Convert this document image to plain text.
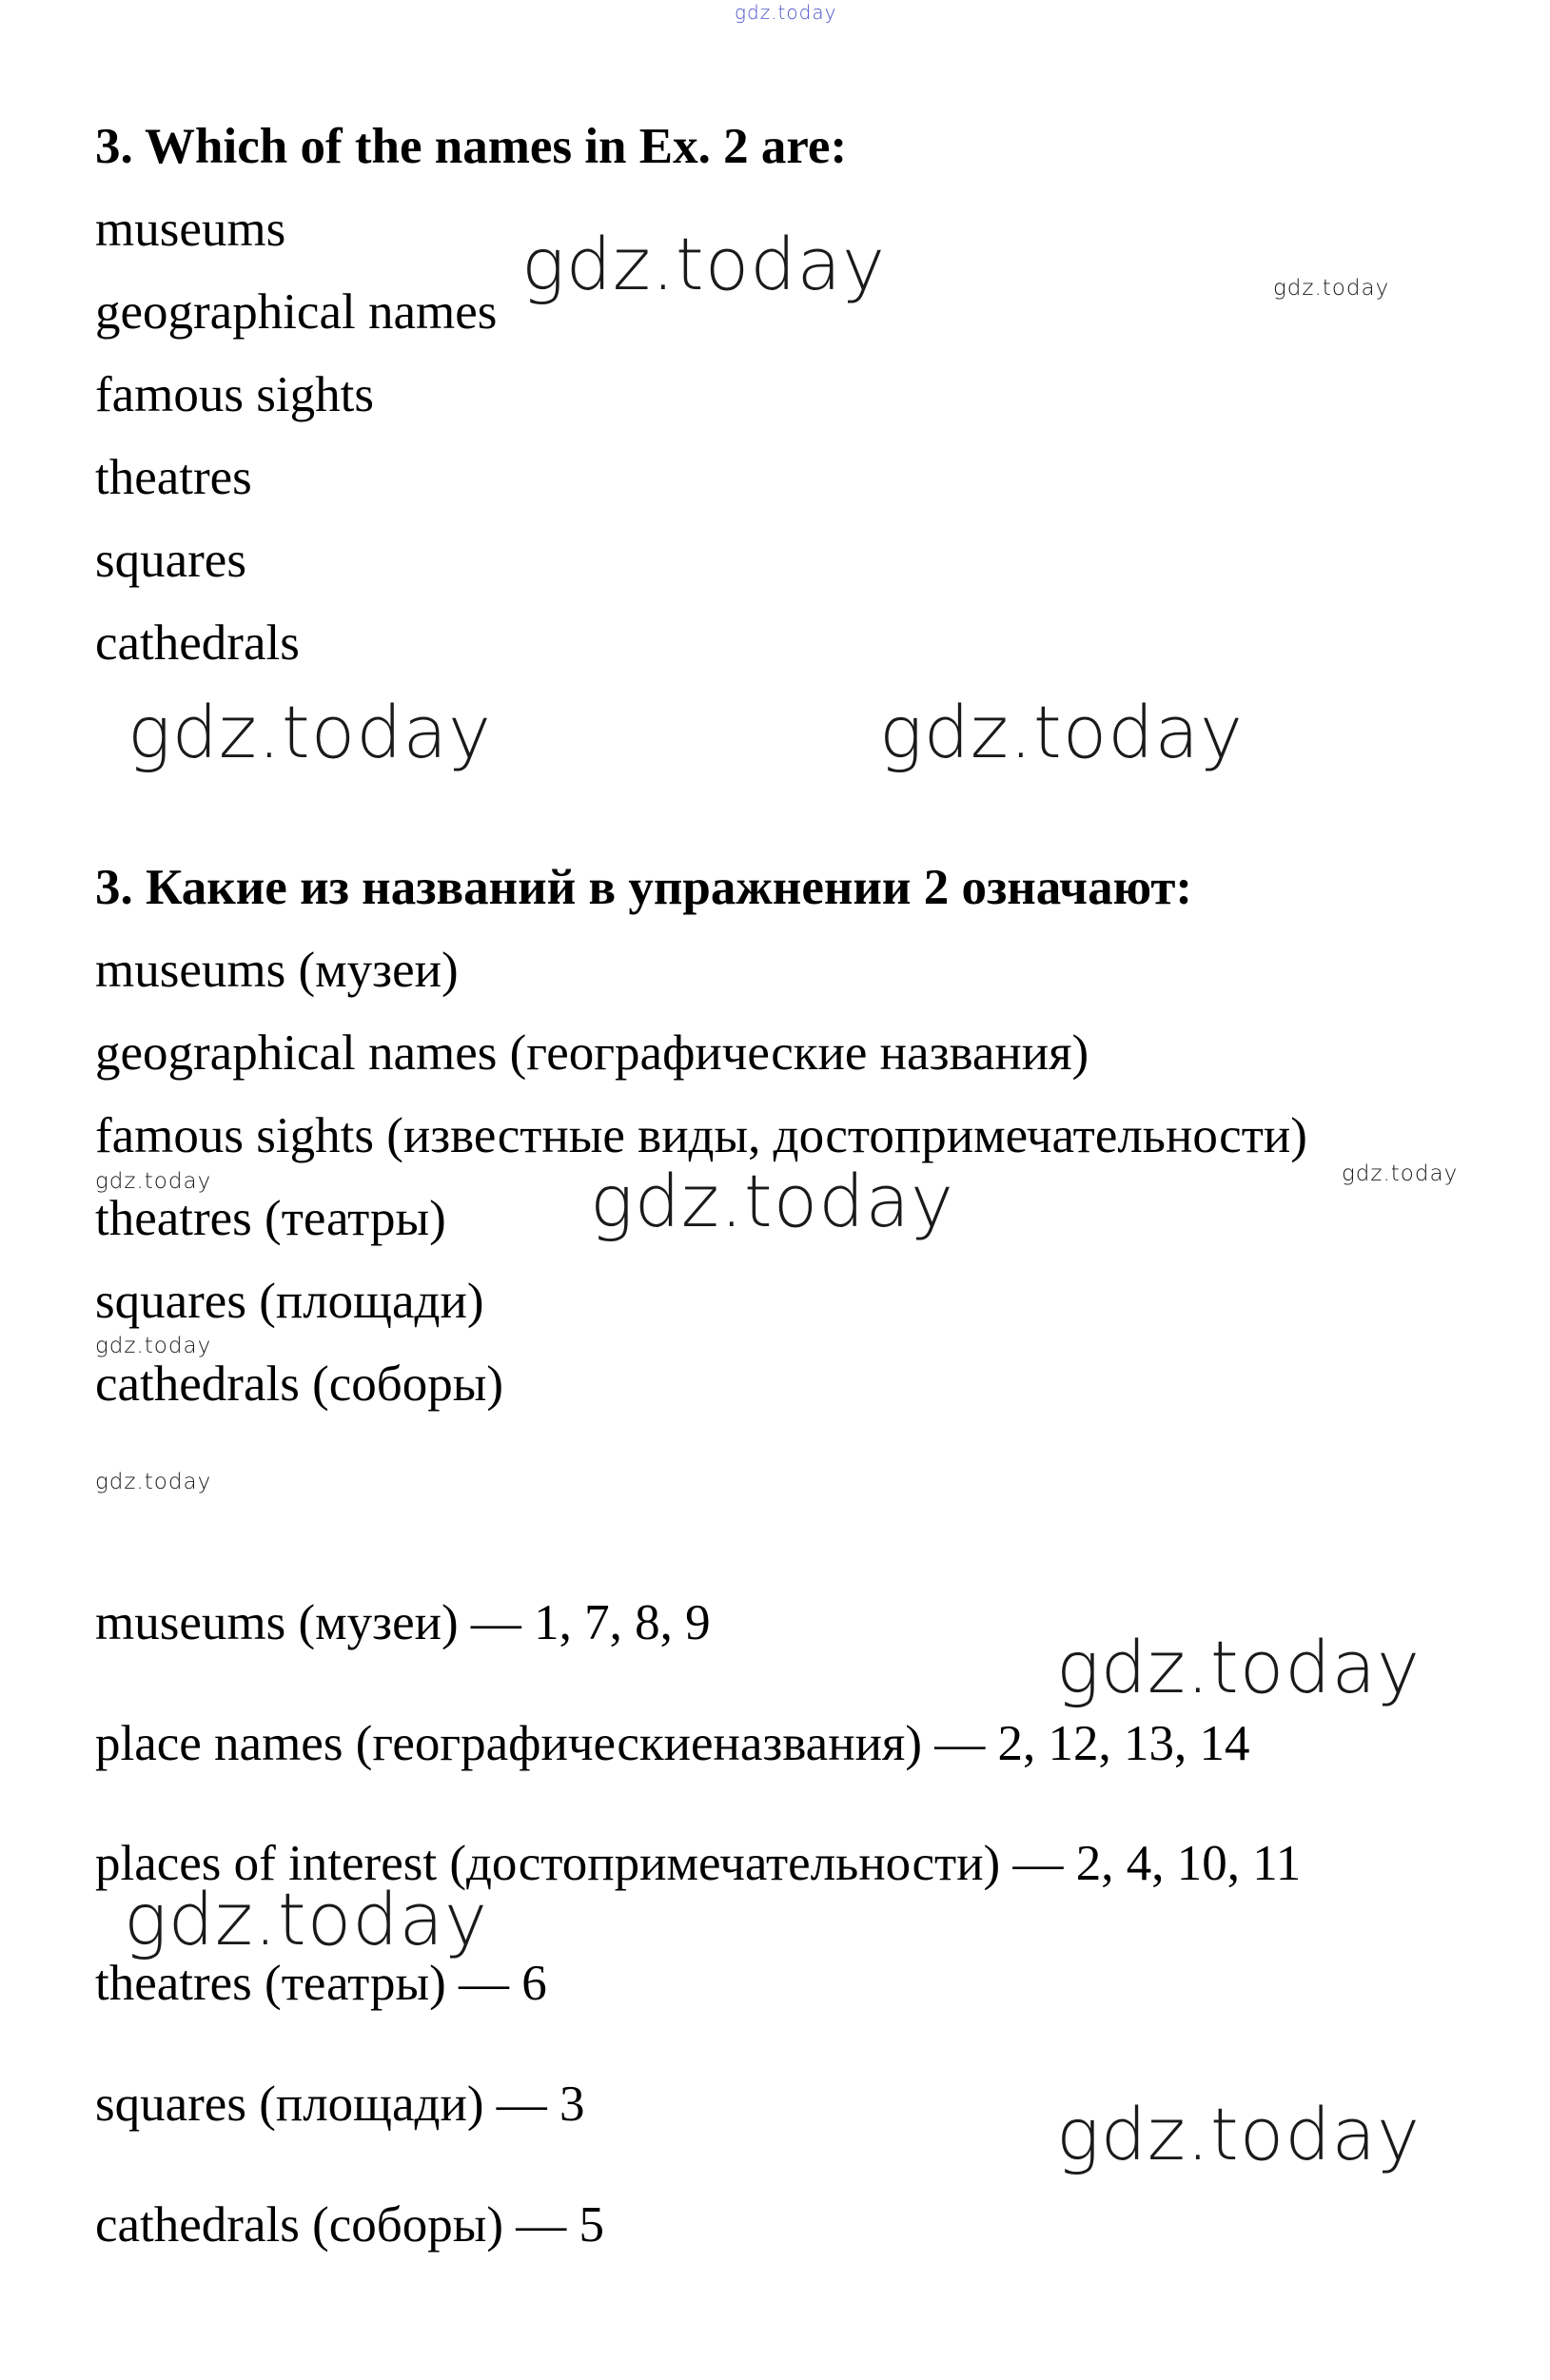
gdz.today
3. Which of the names in Ex. 2 are:
museums
geographical names
famous sights
theatres
squares
cathedrals
3. Какие из названий в упражнении 2 означают:
museums (музеи)
geographical names (географические названия)
famous sights (известные виды, достопримечательности)
theatres (театры)
squares (площади)
cathedrals (соборы)
museums (музеи) — 1, 7, 8, 9
place names (географическиеназвания) — 2, 12, 13, 14
places of interest (достопримечательности) — 2, 4, 10, 11
theatres (театры) — 6
squares (площади) — 3
cathedrals (соборы) — 5
gdz.today	gdz.today
gdz.today	gdz.today
gdz.today	gdz.today
gdz.today
gdz.today
gdz.today
gdz.today
gdz.today
gdz.today
